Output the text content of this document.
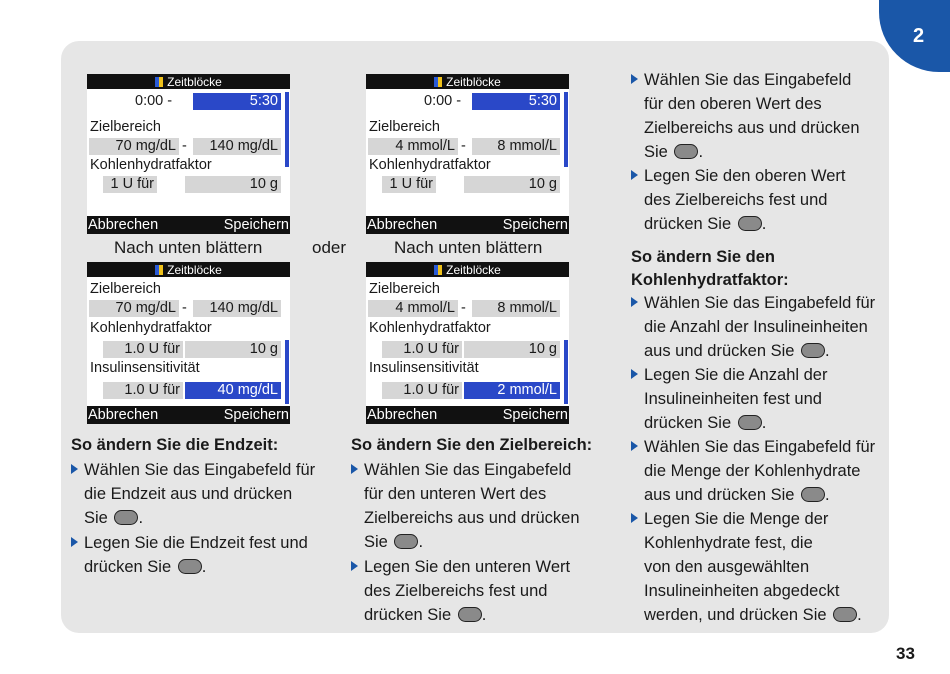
2
33
Zeitblöcke
0:00 -	5:30
Zielbereich
70 mg/dL -	140 mg/dL
Kohlenhydratfaktor
1 U für	10 g
Abbrechen	Speichern
Nach unten blättern	oder
Zeitblöcke
0:00 -	5:30
Zielbereich
4 mmol/L -	8 mmol/L
Kohlenhydratfaktor
1 U für	10 g
Abbrechen	Speichern
Nach unten blättern
Zeitblöcke
Zielbereich
70 mg/dL -	140 mg/dL
Kohlenhydratfaktor
1.0 U für	10 g
Insulinsensitivität
1.0 U für	40 mg/dL
Abbrechen	Speichern
Zeitblöcke
Zielbereich
4 mmol/L -	8 mmol/L
Kohlenhydratfaktor
1.0 U für	10 g
Insulinsensitivität
1.0 U für	2 mmol/L
Abbrechen	Speichern
So ändern Sie die Endzeit:
Wählen Sie das Eingabefeld für
die Endzeit aus und drücken
Sie .
Legen Sie die Endzeit fest und
drücken Sie .
So ändern Sie den Zielbereich:
Wählen Sie das Eingabefeld
für den unteren Wert des
Zielbereichs aus und drücken
Sie .
Legen Sie den unteren Wert
des Zielbereichs fest und
drücken Sie .
Wählen Sie das Eingabefeld
für den oberen Wert des
Zielbereichs aus und drücken
Sie .
Legen Sie den oberen Wert
des Zielbereichs fest und
drücken Sie .
So ändern Sie den
Kohlenhydratfaktor:
Wählen Sie das Eingabefeld für
die Anzahl der Insulineinheiten
aus und drücken Sie .
Legen Sie die Anzahl der
Insulineinheiten fest und
drücken Sie .
Wählen Sie das Eingabefeld für
die Menge der Kohlenhydrate
aus und drücken Sie .
Legen Sie die Menge der
Kohlenhydrate fest, die
von den ausgewählten
Insulineinheiten abgedeckt
werden, und drücken Sie .
